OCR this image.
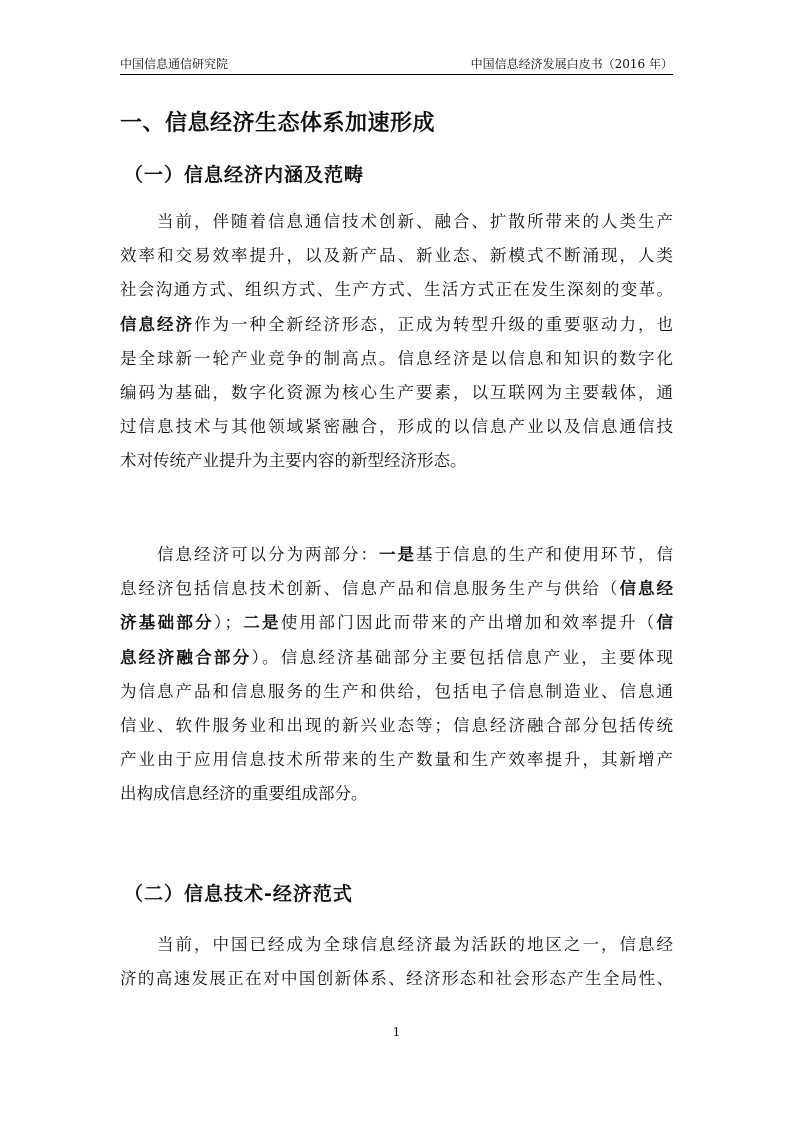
中国信息通信研究院	中国信息经济发展白皮书（2016 年）
一、信息经济生态体系加速形成
（一）信息经济内涵及范畴
当前，伴随着信息通信技术创新、融合、扩散所带来的人类生产
效率和交易效率提升，以及新产品、新业态、新模式不断涌现，人类
社会沟通方式、组织方式、生产方式、生活方式正在发生深刻的变革。
信息经济作为一种全新经济形态，正成为转型升级的重要驱动力，也
是全球新一轮产业竞争的制高点。信息经济是以信息和知识的数字化
编码为基础，数字化资源为核心生产要素，以互联网为主要载体，通
过信息技术与其他领域紧密融合，形成的以信息产业以及信息通信技
术对传统产业提升为主要内容的新型经济形态。
信息经济可以分为两部分：一是基于信息的生产和使用环节，信
息经济包括信息技术创新、信息产品和信息服务生产与供给（信息经
济基础部分）；二是使用部门因此而带来的产出增加和效率提升（信
息经济融合部分）。信息经济基础部分主要包括信息产业，主要体现
为信息产品和信息服务的生产和供给，包括电子信息制造业、信息通
信业、软件服务业和出现的新兴业态等；信息经济融合部分包括传统
产业由于应用信息技术所带来的生产数量和生产效率提升，其新增产
出构成信息经济的重要组成部分。
（二）信息技术-经济范式
当前，中国已经成为全球信息经济最为活跃的地区之一，信息经
济的高速发展正在对中国创新体系、经济形态和社会形态产生全局性、
1
